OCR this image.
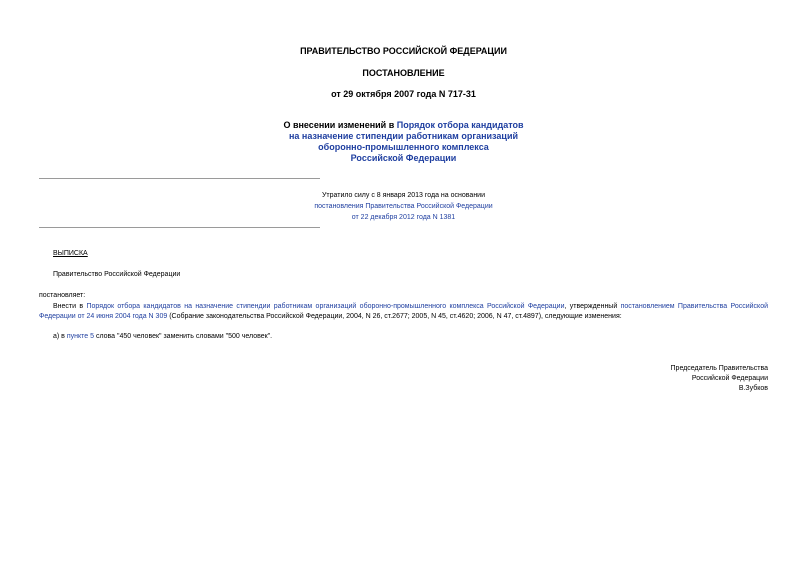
ПРАВИТЕЛЬСТВО РОССИЙСКОЙ ФЕДЕРАЦИИ
ПОСТАНОВЛЕНИЕ
от 29 октября 2007 года N 717-31
О внесении изменений в Порядок отбора кандидатов
на назначение стипендии работникам организаций
оборонно-промышленного комплекса
Российской Федерации
Утратило силу с 8 января 2013 года на основании
постановления Правительства Российской Федерации
от 22 декабря 2012 года N 1381
ВЫПИСКА
Правительство Российской Федерации
постановляет:
Внести в Порядок отбора кандидатов на назначение стипендии работникам организаций оборонно-промышленного комплекса Российской Федерации, утвержденный постановлением Правительства Российской
Федерации от 24 июня 2004 года N 309 (Собрание законодательства Российской Федерации, 2004, N 26, ст.2677; 2005, N 45, ст.4620; 2006, N 47, ст.4897), следующие изменения:
а) в пункте 5 слова "450 человек" заменить словами "500 человек".
Председатель Правительства
Российской Федерации
В.Зубков
